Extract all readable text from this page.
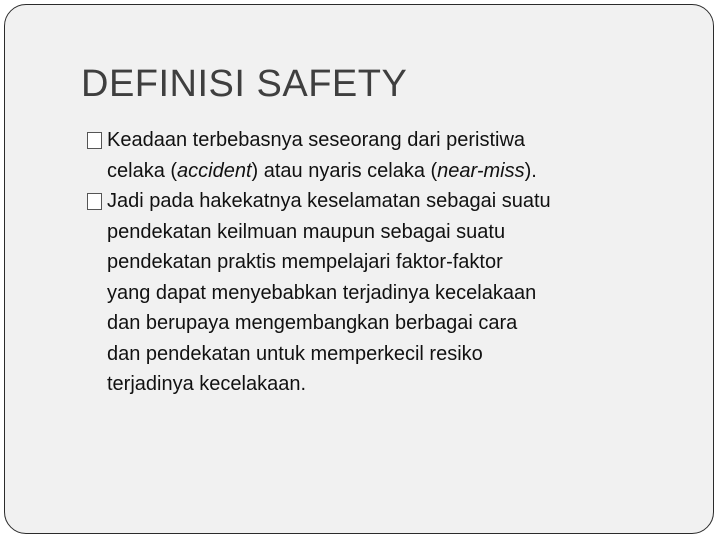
DEFINISI SAFETY
Keadaan terbebasnya seseorang dari peristiwa
celaka (accident) atau nyaris celaka (near-miss).
Jadi pada hakekatnya keselamatan sebagai suatu
pendekatan keilmuan maupun sebagai suatu
pendekatan praktis mempelajari faktor-faktor
yang dapat menyebabkan terjadinya kecelakaan
dan berupaya mengembangkan berbagai cara
dan pendekatan untuk memperkecil resiko
terjadinya kecelakaan.
